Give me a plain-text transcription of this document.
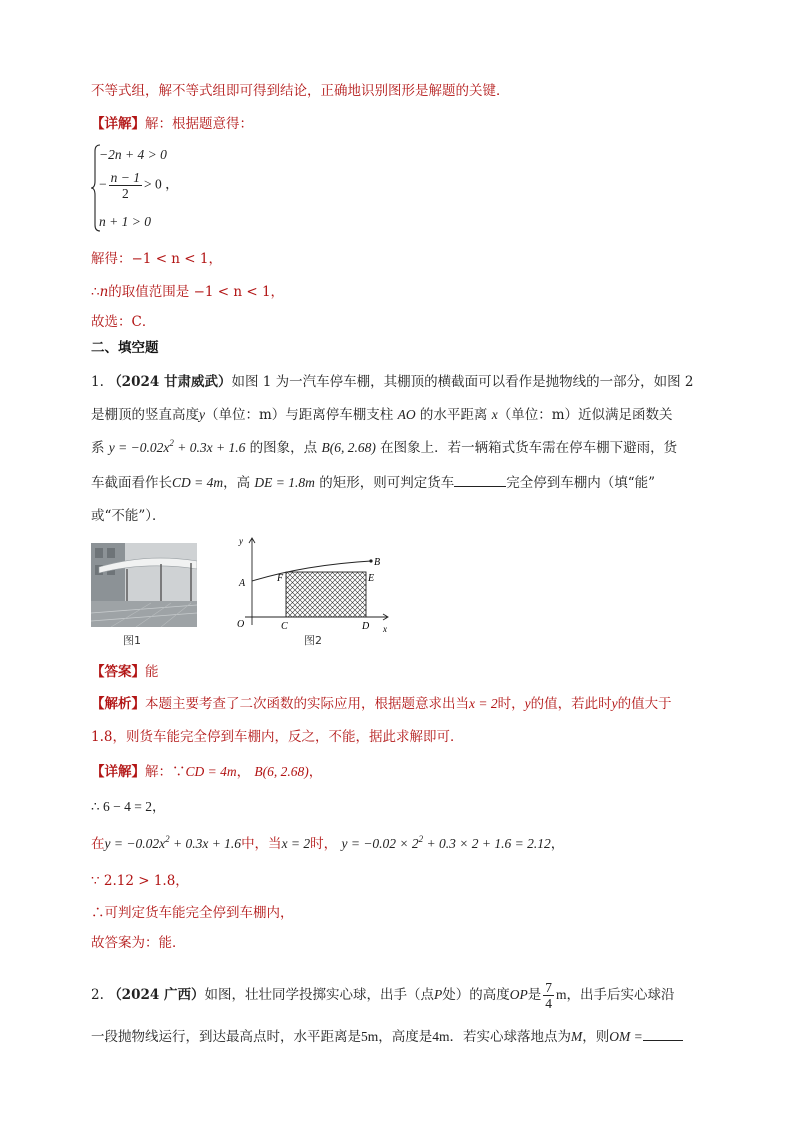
不等式组，解不等式组即可得到结论，正确地识别图形是解题的关键．
【详解】解：根据题意得：
−2n + 4 > 0
− $\frac{n - 1}{2} > 0$ ，
n + 1 > 0
解得：−1 < n < 1，
∴n的取值范围是 −1 < n < 1，
故选：C．
二、填空题
1. （2024 甘肃威武）如图 1 为一汽车停车棚，其棚顶的横截面可以看作是抛物线的一部分，如图 2
是棚顶的竖直高度y（单位：m）与距离停车棚支柱 AO 的水平距离 x（单位：m）近似满足函数关
系 $y = -0.02x^2 + 0.3x + 1.6$ 的图象，点 B(6, 2.68) 在图象上．若一辆箱式货车需在停车棚下避雨，货
车截面看作长CD = 4m，高 DE = 1.8m 的矩形，则可判定货车	完全停到车棚内（填“能”
或“不能”）．
图1
y
x
A
B
F	E
O	C	D
图2
【答案】能
【解析】本题主要考查了二次函数的实际应用，根据题意求出当x = 2时，y的值，若此时y的值大于
1.8，则货车能完全停到车棚内，反之，不能，据此求解即可．
【详解】解：∵CD = 4m， B(6, 2.68)，
∴ 6 − 4 = 2，
在$y = -0.02x^2 + 0.3x + 1.6$中，当x = 2时， $y = -0.02 \times 2^2 + 0.3 \times 2 + 1.6 = 2.12$，
∵ 2.12 > 1.8，
∴可判定货车能完全停到车棚内，
故答案为：能．
2. （2024 广西）如图，壮壮同学投掷实心球，出手（点P处）的高度OP是 $\frac{7}{4}$ m，出手后实心球沿
一段抛物线运行，到达最高点时，水平距离是5m，高度是4m．若实心球落地点为M，则OM =
